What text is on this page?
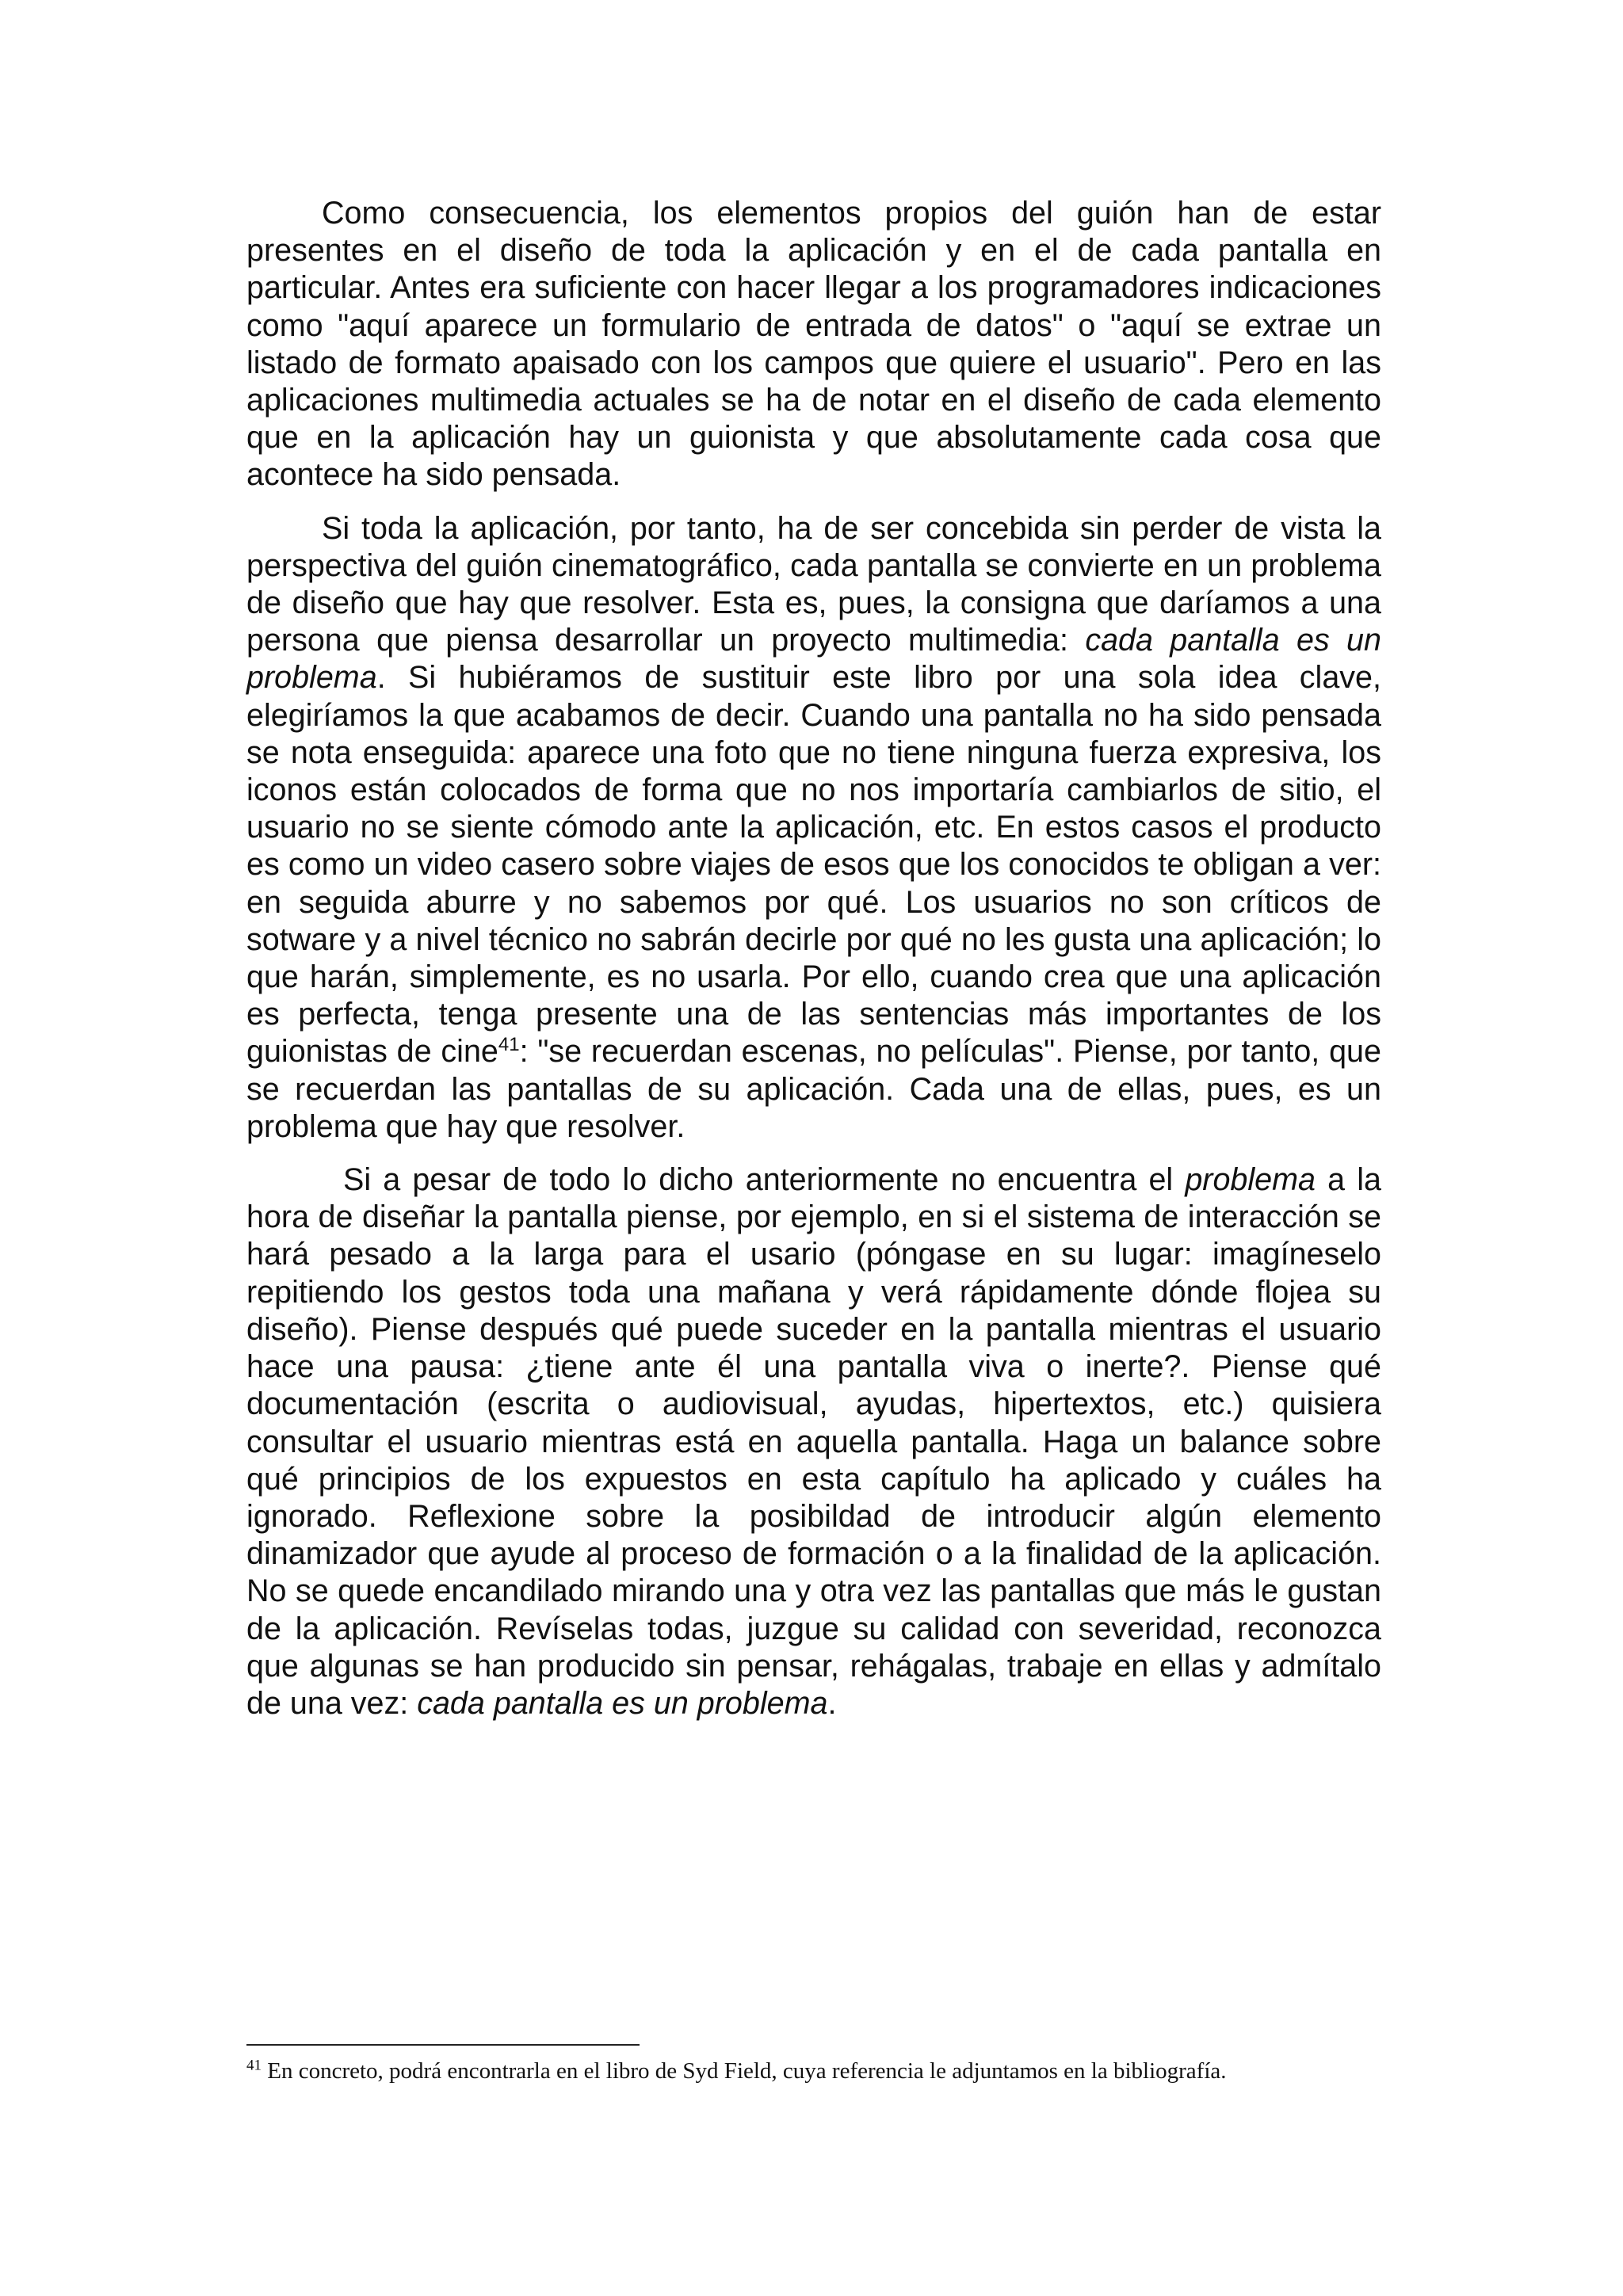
Como consecuencia, los elementos propios del guión han de estar presentes en el diseño de toda la aplicación y en el de cada pantalla en particular. Antes era suficiente con hacer llegar a los programadores indicaciones como "aquí aparece un formulario de entrada de datos" o "aquí se extrae un listado de formato apaisado con los campos que quiere el usuario". Pero en las aplicaciones multimedia actuales se ha de notar en el diseño de cada elemento que en la aplicación hay un guionista y que absolutamente cada cosa que acontece ha sido pensada.

Si toda la aplicación, por tanto, ha de ser concebida sin perder de vista la perspectiva del guión cinematográfico, cada pantalla se convierte en un problema de diseño que hay que resolver. Esta es, pues, la consigna que daríamos a una persona que piensa desarrollar un proyecto multimedia: cada pantalla es un problema. Si hubiéramos de sustituir este libro por una sola idea clave, elegiríamos la que acabamos de decir. Cuando una pantalla no ha sido pensada se nota enseguida: aparece una foto que no tiene ninguna fuerza expresiva, los iconos están colocados de forma que no nos importaría cambiarlos de sitio, el usuario no se siente cómodo ante la aplicación, etc. En estos casos el producto es como un video casero sobre viajes de esos que los conocidos te obligan a ver: en seguida aburre y no sabemos por qué. Los usuarios no son críticos de sotware y a nivel técnico no sabrán decirle por qué no les gusta una aplicación; lo que harán, simplemente, es no usarla. Por ello, cuando crea que una aplicación es perfecta, tenga presente una de las sentencias más importantes de los guionistas de cine$^{41}$: "se recuerdan escenas, no películas". Piense, por tanto, que se recuerdan las pantallas de su aplicación. Cada una de ellas, pues, es un problema que hay que resolver.

Si a pesar de todo lo dicho anteriormente no encuentra el problema a la hora de diseñar la pantalla piense, por ejemplo, en si el sistema de interacción se hará pesado a la larga para el usario (póngase en su lugar: imagíneselo repitiendo los gestos toda una mañana y verá rápidamente dónde flojea su diseño). Piense después qué puede suceder en la pantalla mientras el usuario hace una pausa: ¿tiene ante él una pantalla viva o inerte?. Piense qué documentación (escrita o audiovisual, ayudas, hipertextos, etc.) quisiera consultar el usuario mientras está en aquella pantalla. Haga un balance sobre qué principios de los expuestos en esta capítulo ha aplicado y cuáles ha ignorado. Reflexione sobre la posibildad de introducir algún elemento dinamizador que ayude al proceso de formación o a la finalidad de la aplicación. No se quede encandilado mirando una y otra vez las pantallas que más le gustan de la aplicación. Revíselas todas, juzgue su calidad con severidad, reconozca que algunas se han producido sin pensar, rehágalas, trabaje en ellas y admítalo de una vez: cada pantalla es un problema.

$^{41}$ En concreto, podrá encontrarla en el libro de Syd Field, cuya referencia le adjuntamos en la bibliografía.
